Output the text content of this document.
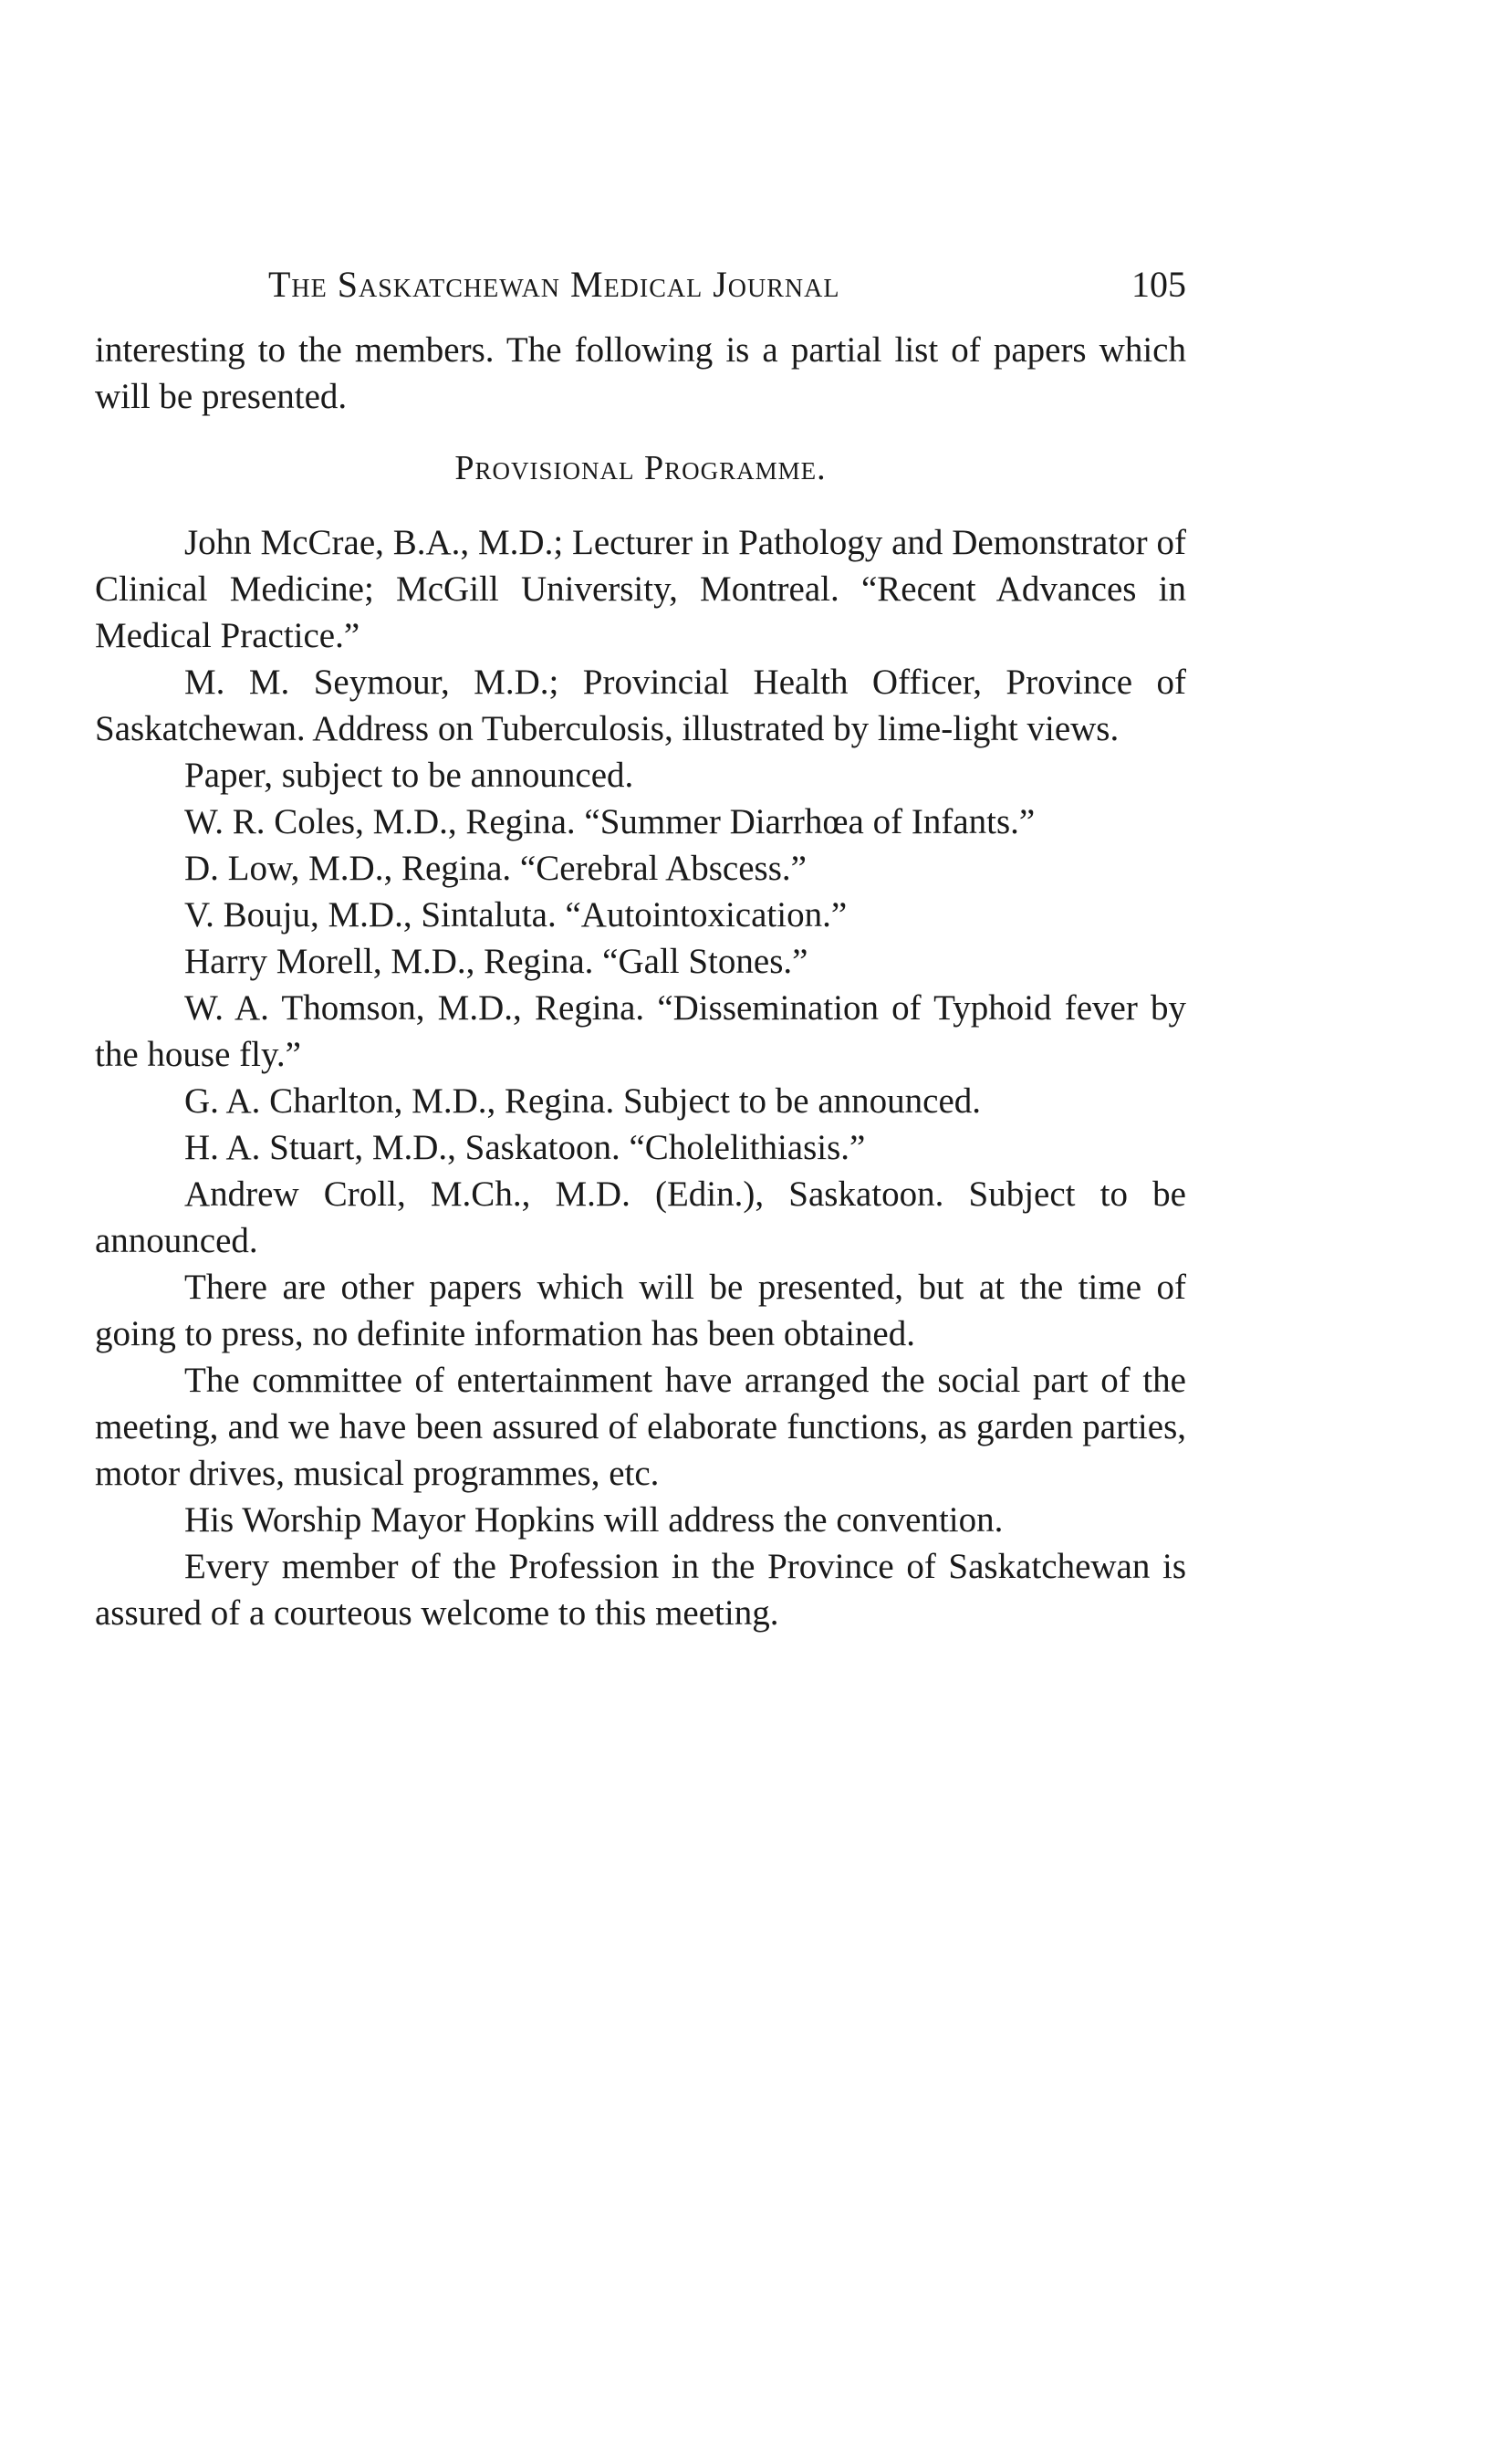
The Saskatchewan Medical Journal	105

interesting to the members. The following is a partial list of papers which will be presented.

Provisional Programme.
John McCrae, B.A., M.D.; Lecturer in Pathology and Demonstrator of Clinical Medicine; McGill University, Montreal. “Recent Advances in Medical Practice.”
M. M. Seymour, M.D.; Provincial Health Officer, Province of Saskatchewan. Address on Tuberculosis, illustrated by lime-light views.
Paper, subject to be announced.
W. R. Coles, M.D., Regina. “Summer Diarrhœa of Infants.”
D. Low, M.D., Regina. “Cerebral Abscess.”
V. Bouju, M.D., Sintaluta. “Autointoxication.”
Harry Morell, M.D., Regina. “Gall Stones.”
W. A. Thomson, M.D., Regina. “Dissemination of Typhoid fever by the house fly.”
G. A. Charlton, M.D., Regina. Subject to be announced.
H. A. Stuart, M.D., Saskatoon. “Cholelithiasis.”
Andrew Croll, M.Ch., M.D. (Edin.), Saskatoon. Subject to be announced.
There are other papers which will be presented, but at the time of going to press, no definite information has been obtained.
The committee of entertainment have arranged the social part of the meeting, and we have been assured of elaborate functions, as garden parties, motor drives, musical programmes, etc.
His Worship Mayor Hopkins will address the convention.
Every member of the Profession in the Province of Saskatchewan is assured of a courteous welcome to this meeting.
